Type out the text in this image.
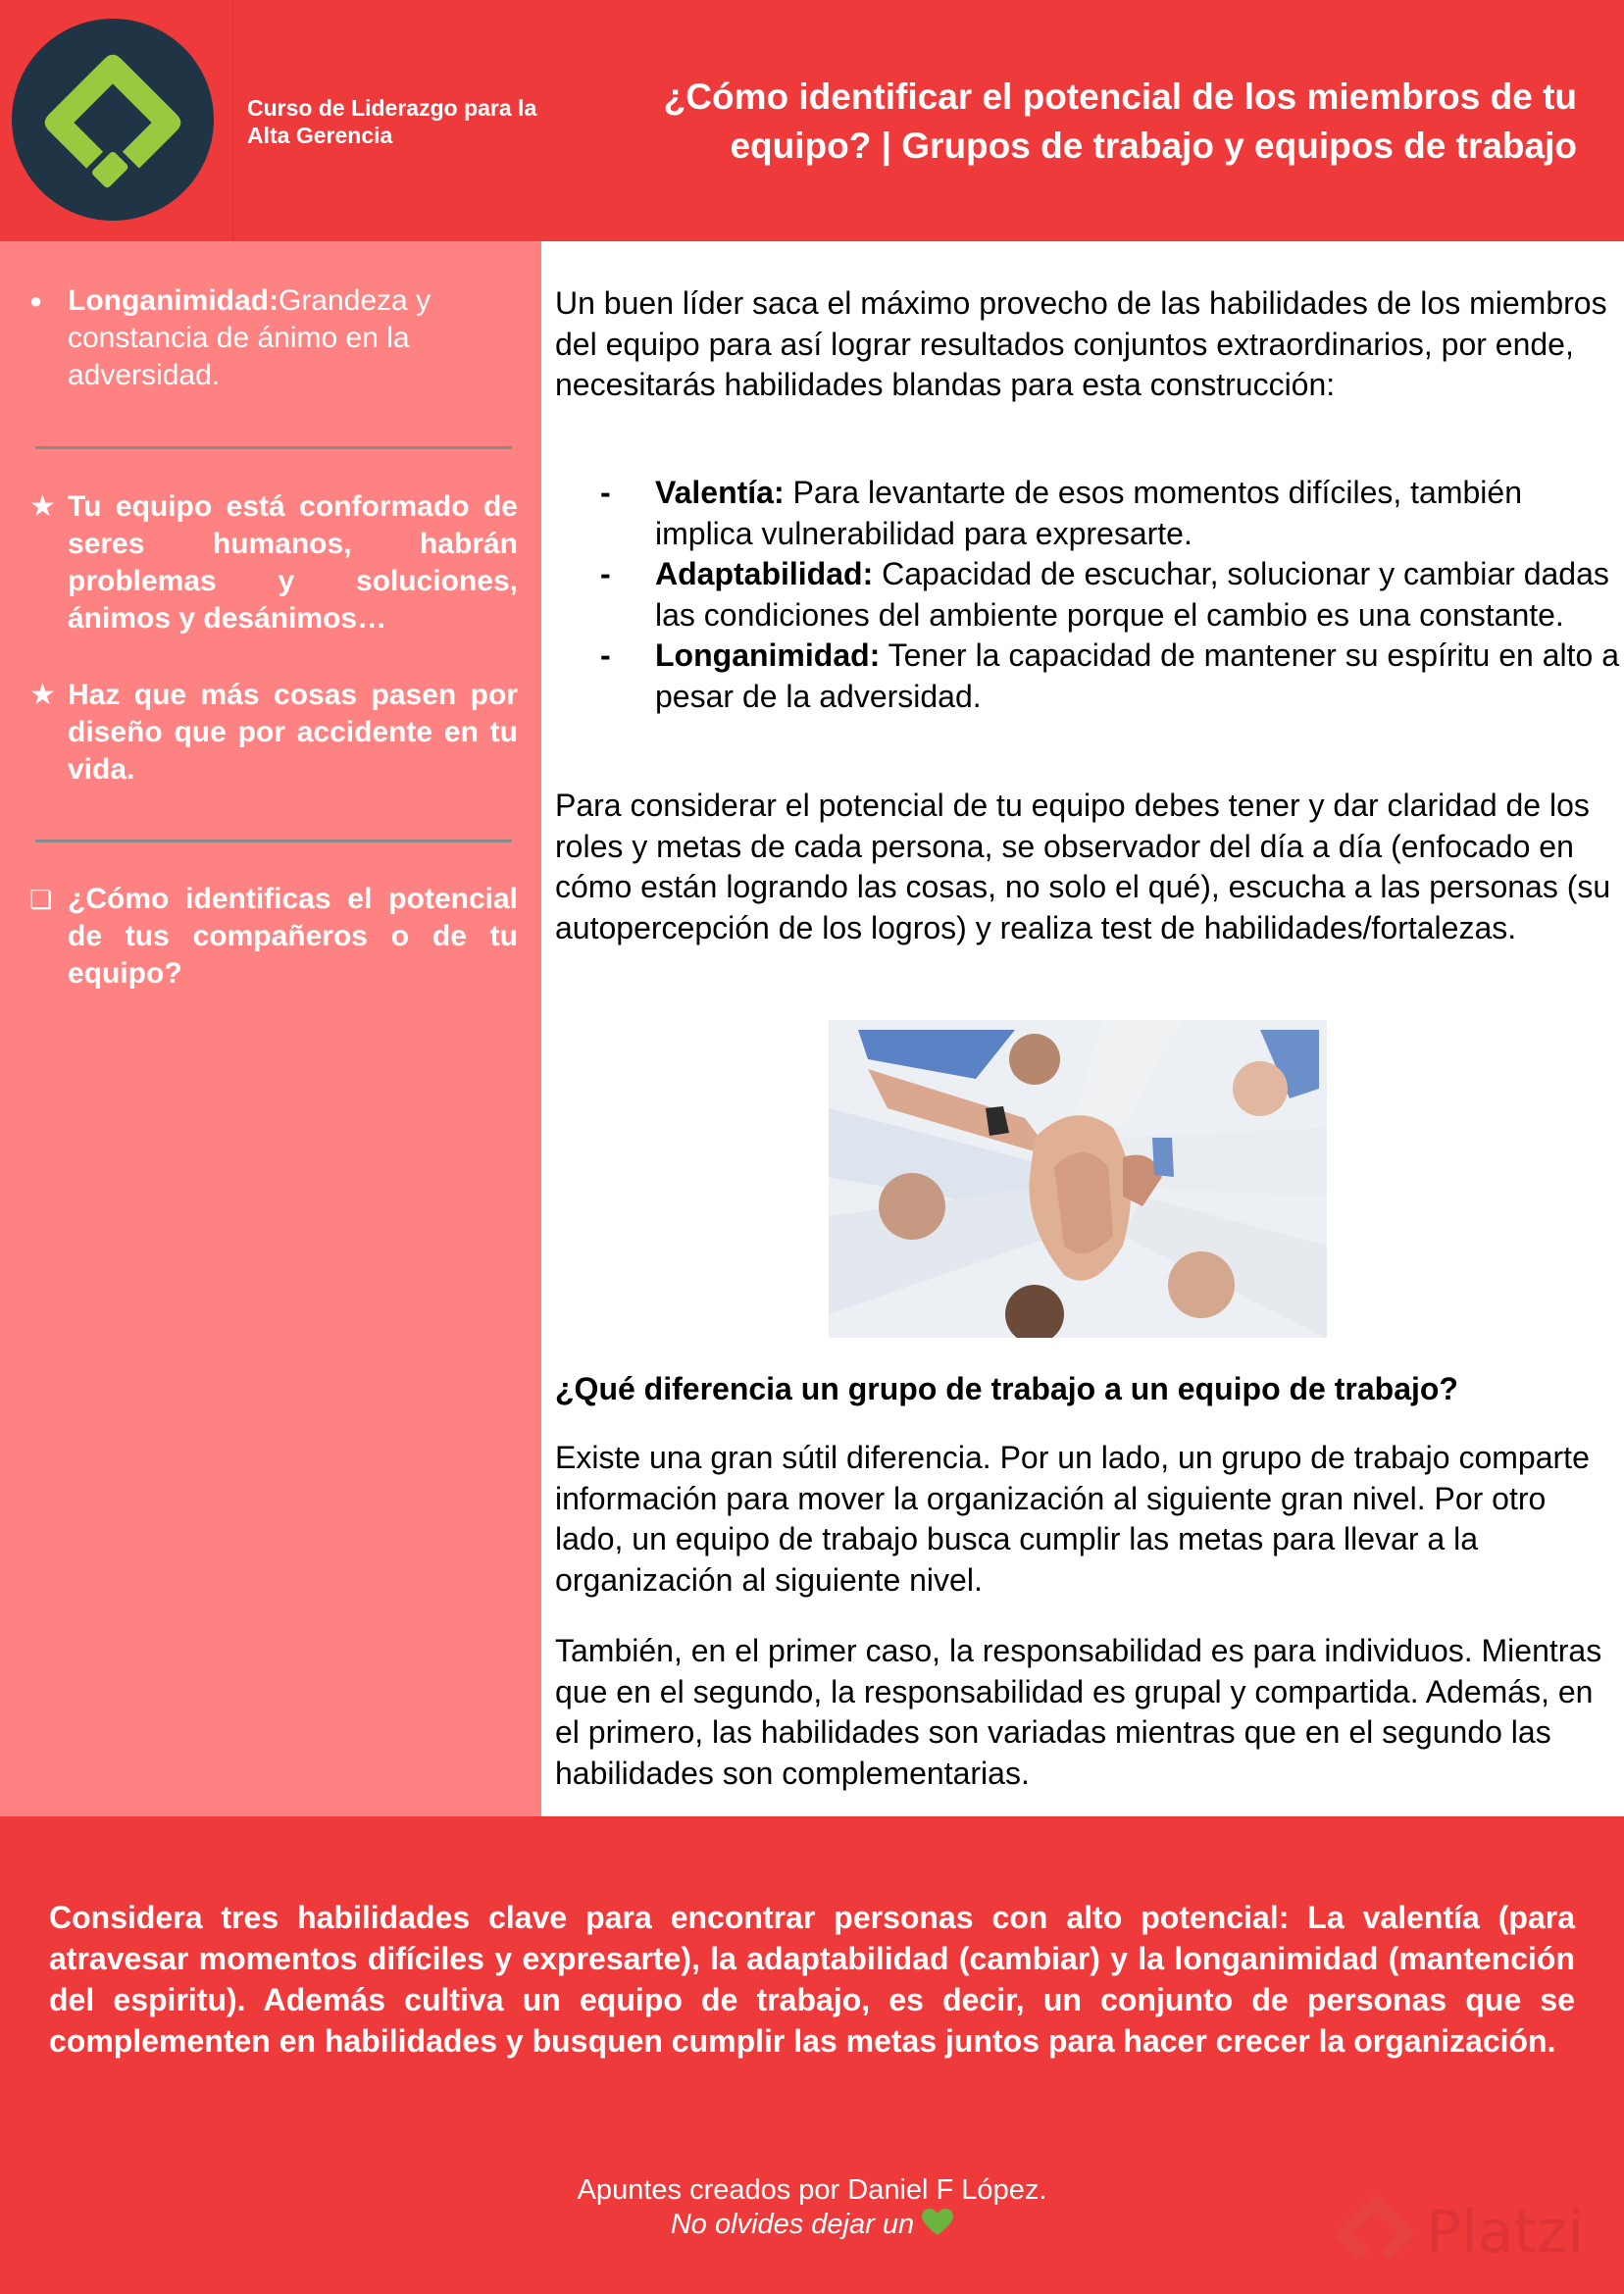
Curso de Liderazgo para la Alta Gerencia
¿Cómo identificar el potencial de los miembros de tu equipo? | Grupos de trabajo y equipos de trabajo
● Longanimidad:Grandeza y constancia de ánimo en la adversidad.
★ Tu equipo está conformado de seres humanos, habrán problemas y soluciones, ánimos y desánimos…
★ Haz que más cosas pasen por diseño que por accidente en tu vida.
❏ ¿Cómo identificas el potencial de tus compañeros o de tu equipo?
Un buen líder saca el máximo provecho de las habilidades de los miembros del equipo para así lograr resultados conjuntos extraordinarios, por ende, necesitarás habilidades blandas para esta construcción:
- Valentía: Para levantarte de esos momentos difíciles, también implica vulnerabilidad para expresarte.
- Adaptabilidad: Capacidad de escuchar, solucionar y cambiar dadas las condiciones del ambiente porque el cambio es una constante.
- Longanimidad: Tener la capacidad de mantener su espíritu en alto a pesar de la adversidad.
Para considerar el potencial de tu equipo debes tener y dar claridad de los roles y metas de cada persona, se observador del día a día (enfocado en cómo están logrando las cosas, no solo el qué), escucha a las personas (su autopercepción de los logros) y realiza test de habilidades/fortalezas.
¿Qué diferencia un grupo de trabajo a un equipo de trabajo?
Existe una gran sútil diferencia. Por un lado, un grupo de trabajo comparte información para mover la organización al siguiente gran nivel. Por otro lado, un equipo de trabajo busca cumplir las metas para llevar a la organización al siguiente nivel.
También, en el primer caso, la responsabilidad es para individuos. Mientras que en el segundo, la responsabilidad es grupal y compartida. Además, en el primero, las habilidades son variadas mientras que en el segundo las habilidades son complementarias.
Considera tres habilidades clave para encontrar personas con alto potencial: La valentía (para atravesar momentos difíciles y expresarte), la adaptabilidad (cambiar) y la longanimidad (mantención del espiritu). Además cultiva un equipo de trabajo, es decir, un conjunto de personas que se complementen en habilidades y busquen cumplir las metas juntos para hacer crecer la organización.
Apuntes creados por Daniel F López.
No olvides dejar un	Platzi
